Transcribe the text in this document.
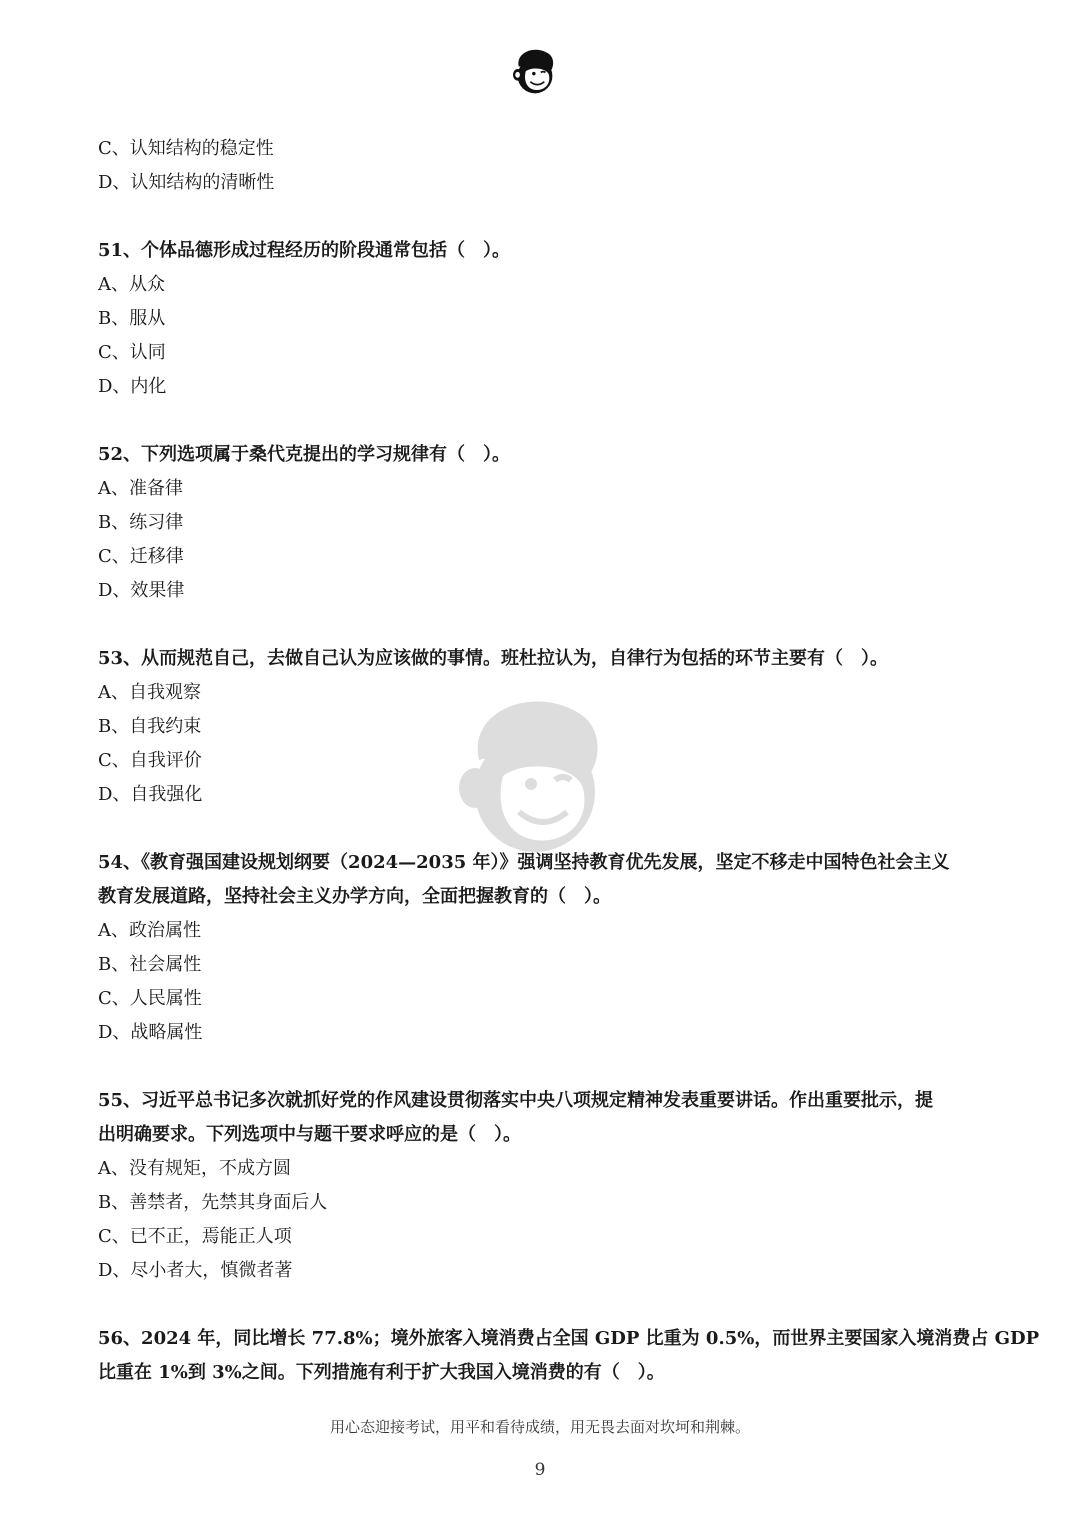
C、认知结构的稳定性
D、认知结构的清晰性
51、个体品德形成过程经历的阶段通常包括（　）。
A、从众
B、服从
C、认同
D、内化
52、下列选项属于桑代克提出的学习规律有（　）。
A、准备律
B、练习律
C、迁移律
D、效果律
53、从而规范自己，去做自己认为应该做的事情。班杜拉认为，自律行为包括的环节主要有（　）。
A、自我观察
B、自我约束
C、自我评价
D、自我强化
54、《教育强国建设规划纲要（2024—2035 年）》强调坚持教育优先发展，坚定不移走中国特色社会主义
教育发展道路，坚持社会主义办学方向，全面把握教育的（　）。
A、政治属性
B、社会属性
C、人民属性
D、战略属性
55、习近平总书记多次就抓好党的作风建设贯彻落实中央八项规定精神发表重要讲话。作出重要批示，提
出明确要求。下列选项中与题干要求呼应的是（　）。
A、没有规矩，不成方圆
B、善禁者，先禁其身面后人
C、已不正，焉能正人项
D、尽小者大，慎微者著
56、2024 年，同比增长 77.8%；境外旅客入境消费占全国 GDP 比重为 0.5%，而世界主要国家入境消费占 GDP
比重在 1%到 3%之间。下列措施有利于扩大我国入境消费的有（　）。
用心态迎接考试，用平和看待成绩，用无畏去面对坎坷和荆棘。
9
